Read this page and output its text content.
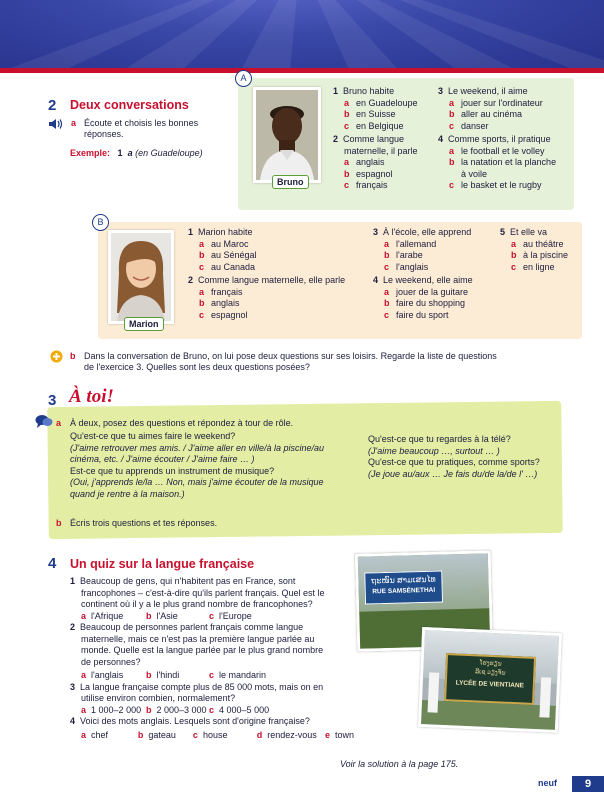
2 Deux conversations
a Écoute et choisis les bonnes
réponses.
Exemple: 1 a (en Guadeloupe)
A
Bruno
1 Bruno habite
a en Guadeloupe
b en Suisse
c en Belgique
2 Comme langue
maternelle, il parle
a anglais
b espagnol
c français
3 Le weekend, il aime
a jouer sur l'ordinateur
b aller au cinéma
c danser
4 Comme sports, il pratique
a le football et le volley
b la natation et la planche
à voile
c le basket et le rugby
B
Marion
1 Marion habite
a au Maroc
b au Sénégal
c au Canada
2 Comme langue maternelle, elle parle
a français
b anglais
c espagnol
3 À l'école, elle apprend
a l'allemand
b l'arabe
c l'anglais
4 Le weekend, elle aime
a jouer de la guitare
b faire du shopping
c faire du sport
5 Et elle va
a au théâtre
b à la piscine
c en ligne
b Dans la conversation de Bruno, on lui pose deux questions sur ses loisirs. Regarde la liste de questions
de l'exercice 3. Quelles sont les deux questions posées?
3 À toi!
a À deux, posez des questions et répondez à tour de rôle.
Qu'est-ce que tu aimes faire le weekend?
(J'aime retrouver mes amis. / J'aime aller en ville/à la piscine/au
cinéma, etc. / J'aime écouter / J'aime faire … )
Est-ce que tu apprends un instrument de musique?
(Oui, j'apprends le/la … Non, mais j'aime écouter de la musique
quand je rentre à la maison.)
Qu'est-ce que tu regardes à la télé?
(J'aime beaucoup …, surtout … )
Qu'est-ce que tu pratiques, comme sports?
(Je joue au/aux … Je fais du/de la/de l' …)
b Écris trois questions et tes réponses.
4 Un quiz sur la langue française
1 Beaucoup de gens, qui n'habitent pas en France, sont
francophones – c'est-à-dire qu'ils parlent français. Quel est le
continent où il y a le plus grand nombre de francophones?
a l'Afrique	b l'Asie	c l'Europe
2 Beaucoup de personnes parlent français comme langue
maternelle, mais ce n'est pas la première langue parlée au
monde. Quelle est la langue parlée par le plus grand nombre
de personnes?
a l'anglais	b l'hindi	c le mandarin
3 La langue française compte plus de 85 000 mots, mais on en
utilise environ combien, normalement?
a 1 000–2 000 b 2 000–3 000 c 4 000–5 000
4 Voici des mots anglais. Lesquels sont d'origine française?
a chef	b gateau	c house	d rendez-vous e town
ຖະໜົນ ສາມເສນໄທ
RUE SAMSÈNETHAI
ໂຮງຮຽນ
ລີເຊ ວຽງຈັນ
LYCÉE DE VIENTIANE
Voir la solution à la page 175.
neuf	9
